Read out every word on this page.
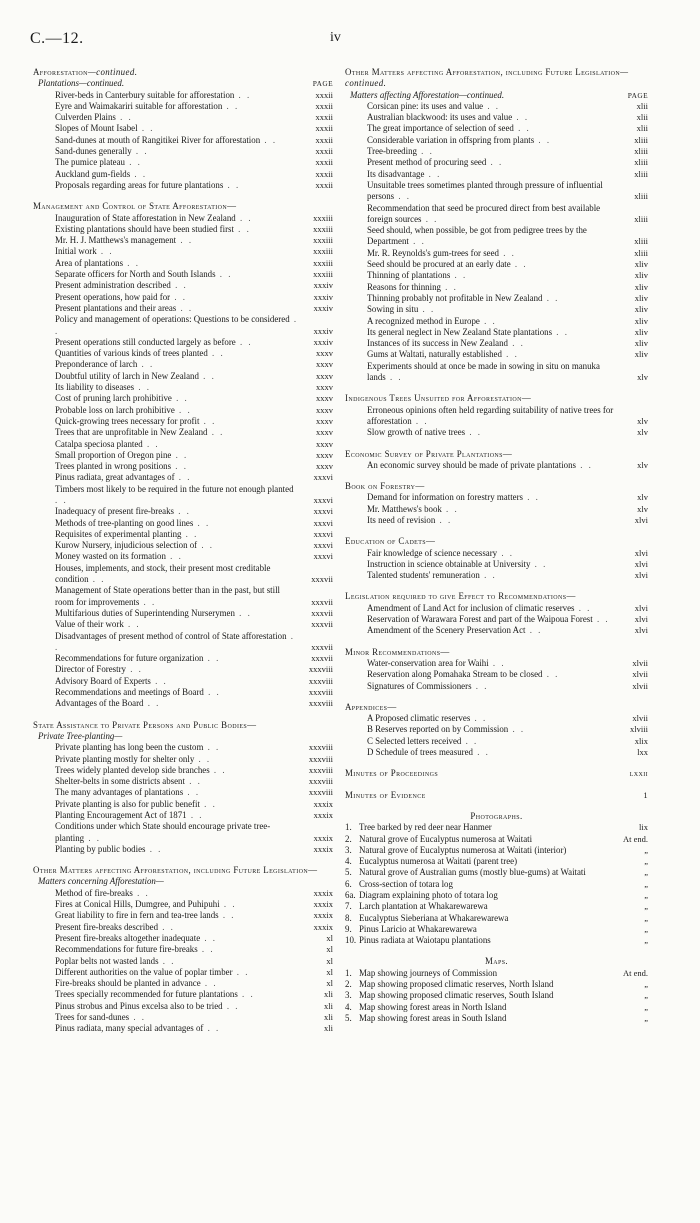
C.—12.	iv
Afforestation—continued.
Plantations—continued.	PAGE
River-beds in Canterbury suitable for afforestation . .	xxxii
Eyre and Waimakariri suitable for afforestation . .	xxxii
Culverden Plains . .	xxxii
Slopes of Mount Isabel . .	xxxii
Sand-dunes at mouth of Rangitikei River for afforestation . .	xxxii
Sand-dunes generally . .	xxxii
The pumice plateau . .	xxxii
Auckland gum-fields . .	xxxii
Proposals regarding areas for future plantations . .	xxxii
Management and Control of State Afforestation—
Inauguration of State afforestation in New Zealand . .	xxxiii
Existing plantations should have been studied first . .	xxxiii
Mr. H. J. Matthews's management . .	xxxiii
Initial work . .	xxxiii
Area of plantations . .	xxxiii
Separate officers for North and South Islands . .	xxxiii
Present administration described . .	xxxiv
Present operations, how paid for . .	xxxiv
Present plantations and their areas . .	xxxiv
Policy and management of operations: Questions to be considered . .	xxxiv
Present operations still conducted largely as before . .	xxxiv
Quantities of various kinds of trees planted . .	xxxv
Preponderance of larch . .	xxxv
Doubtful utility of larch in New Zealand . .	xxxv
Its liability to diseases . .	xxxv
Cost of pruning larch prohibitive . .	xxxv
Probable loss on larch prohibitive . .	xxxv
Quick-growing trees necessary for profit . .	xxxv
Trees that are unprofitable in New Zealand . .	xxxv
Catalpa speciosa planted . .	xxxv
Small proportion of Oregon pine . .	xxxv
Trees planted in wrong positions . .	xxxv
Pinus radiata, great advantages of . .	xxxvi
Timbers most likely to be required in the future not enough planted . .	xxxvi
Inadequacy of present fire-breaks . .	xxxvi
Methods of tree-planting on good lines . .	xxxvi
Requisites of experimental planting . .	xxxvi
Kurow Nursery, injudicious selection of . .	xxxvi
Money wasted on its formation . .	xxxvi
Houses, implements, and stock, their present most creditable condition . .	xxxvii
Management of State operations better than in the past, but still room for improvements . .	xxxvii
Multifarious duties of Superintending Nurserymen . .	xxxvii
Value of their work . .	xxxvii
Disadvantages of present method of control of State afforestation . .	xxxvii
Recommendations for future organization . .	xxxvii
Director of Forestry . .	xxxviii
Advisory Board of Experts . .	xxxviii
Recommendations and meetings of Board . .	xxxviii
Advantages of the Board . .	xxxviii
State Assistance to Private Persons and Public Bodies—
Private Tree-planting—
Private planting has long been the custom . .	xxxviii
Private planting mostly for shelter only . .	xxxviii
Trees widely planted develop side branches . .	xxxviii
Shelter-belts in some districts absent . .	xxxviii
The many advantages of plantations . .	xxxviii
Private planting is also for public benefit . .	xxxix
Planting Encouragement Act of 1871 . .	xxxix
Conditions under which State should encourage private tree-planting . .	xxxix
Planting by public bodies . .	xxxix
Other Matters affecting Afforestation, including Future Legislation—
Matters concerning Afforestation—
Method of fire-breaks . .	xxxix
Fires at Conical Hills, Dumgree, and Puhipuhi . .	xxxix
Great liability to fire in fern and tea-tree lands . .	xxxix
Present fire-breaks described . .	xxxix
Present fire-breaks altogether inadequate . .	xl
Recommendations for future fire-breaks . .	xl
Poplar belts not wasted lands . .	xl
Different authorities on the value of poplar timber . .	xl
Fire-breaks should be planted in advance . .	xl
Trees specially recommended for future plantations . .	xli
Pinus strobus and Pinus excelsa also to be tried . .	xli
Trees for sand-dunes . .	xli
Pinus radiata, many special advantages of . .	xli
Other Matters affecting Afforestation, including Future Legislation—continued.
Matters affecting Afforestation—continued.	PAGE
Corsican pine: its uses and value . .	xlii
Australian blackwood: its uses and value . .	xlii
The great importance of selection of seed . .	xlii
Considerable variation in offspring from plants . .	xliii
Tree-breeding . .	xliii
Present method of procuring seed . .	xliii
Its disadvantage . .	xliii
Unsuitable trees sometimes planted through pressure of influential persons . .	xliii
Recommendation that seed be procured direct from best available foreign sources . .	xliii
Seed should, when possible, be got from pedigree trees by the Department . .	xliii
Mr. R. Reynolds's gum-trees for seed . .	xliii
Seed should be procured at an early date . .	xliv
Thinning of plantations . .	xliv
Reasons for thinning . .	xliv
Thinning probably not profitable in New Zealand . .	xliv
Sowing in situ . .	xliv
A recognized method in Europe . .	xliv
Its general neglect in New Zealand State plantations . .	xliv
Instances of its success in New Zealand . .	xliv
Gums at Waltati, naturally established . .	xliv
Experiments should at once be made in sowing in situ on manuka lands . .	xlv
Indigenous Trees Unsuited for Afforestation—
Erroneous opinions often held regarding suitability of native trees for afforestation . .	xlv
Slow growth of native trees . .	xlv
Economic Survey of Private Plantations—
An economic survey should be made of private plantations . .	xlv
Book on Forestry—
Demand for information on forestry matters . .	xlv
Mr. Matthews's book . .	xlv
Its need of revision . .	xlvi
Education of Cadets—
Fair knowledge of science necessary . .	xlvi
Instruction in science obtainable at University . .	xlvi
Talented students' remuneration . .	xlvi
Legislation required to give Effect to Recommendations—
Amendment of Land Act for inclusion of climatic reserves . .	xlvi
Reservation of Warawara Forest and part of the Waipoua Forest . .	xlvi
Amendment of the Scenery Preservation Act . .	xlvi
Minor Recommendations—
Water-conservation area for Waihi . .	xlvii
Reservation along Pomahaka Stream to be closed . .	xlvii
Signatures of Commissioners . .	xlvii
Appendices—
A Proposed climatic reserves . .	xlvii
B Reserves reported on by Commission . .	xlviii
C Selected letters received . .	xlix
D Schedule of trees measured . .	lxx
Minutes of Proceedings	lxxii
Minutes of Evidence	1
Photographs.
1. Tree barked by red deer near Hanmer	lix
2. Natural grove of Eucalyptus numerosa at Waitati	At end.
3. Natural grove of Eucalyptus numerosa at Waitati (interior)	„
4. Eucalyptus numerosa at Waitati (parent tree)	„
5. Natural grove of Australian gums (mostly blue-gums) at Waitati	„
6. Cross-section of totara log	„
6a. Diagram explaining photo of totara log	„
7. Larch plantation at Whakarewarewa	„
8. Eucalyptus Sieberiana at Whakarewarewa	„
9. Pinus Laricio at Whakarewarewa	„
10. Pinus radiata at Waiotapu plantations	„
Maps.
1. Map showing journeys of Commission	At end.
2. Map showing proposed climatic reserves, North Island	„
3. Map showing proposed climatic reserves, South Island	„
4. Map showing forest areas in North Island	„
5. Map showing forest areas in South Island	„
